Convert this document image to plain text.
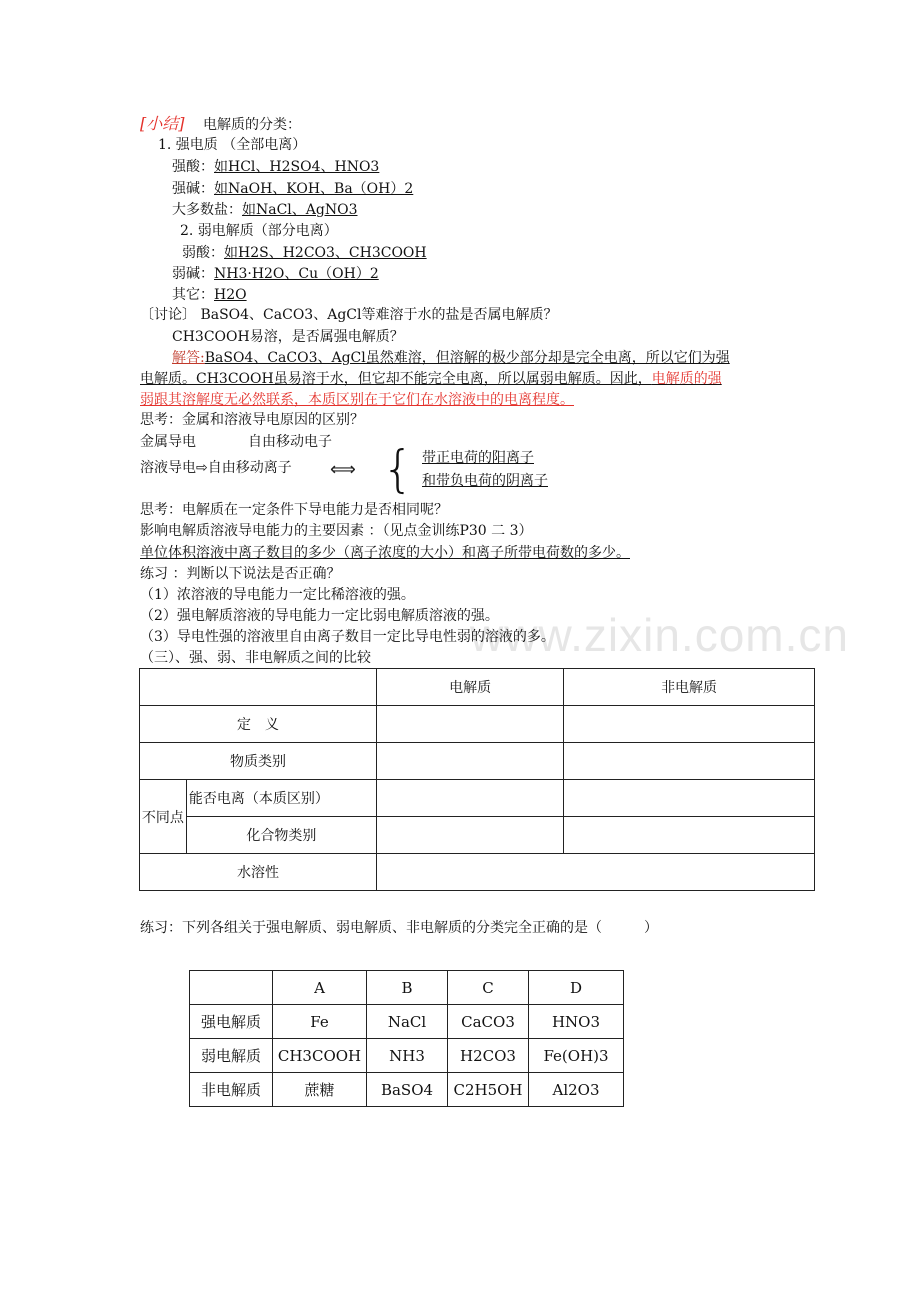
www.zixin.com.cn
[小结] 电解质的分类：
1. 强电质 （全部电离）
强酸：如HCl、H2SO4、HNO3
强碱：如NaOH、KOH、Ba（OH）2
大多数盐：如NaCl、AgNO3
2. 弱电解质（部分电离）
弱酸：如H2S、H2CO3、CH3COOH
弱碱：NH3·H2O、Cu（OH）2
其它：H2O
〔讨论〕 BaSO4、CaCO3、AgCl等难溶于水的盐是否属电解质？
CH3COOH易溶，是否属强电解质？
解答:BaSO4、CaCO3、AgCl虽然难溶，但溶解的极少部分却是完全电离，所以它们为强
电解质。CH3COOH虽易溶于水，但它却不能完全电离，所以属弱电解质。因此，电解质的强
弱跟其溶解度无必然联系，本质区别在于它们在水溶液中的电离程度。
思考：金属和溶液导电原因的区别？
金属导电	自由移动电子
溶液导电⇨自由移动离子 ⟺ { 带正电荷的阳离子
和带负电荷的阴离子
思考：电解质在一定条件下导电能力是否相同呢？
影响电解质溶液导电能力的主要因素 ：（见点金训练P30 二 3）
单位体积溶液中离子数目的多少（离子浓度的大小）和离子所带电荷数的多少。
练习 ：判断以下说法是否正确？
（1）浓溶液的导电能力一定比稀溶液的强。
（2）强电解质溶液的导电能力一定比弱电解质溶液的强。
（3）导电性强的溶液里自由离子数目一定比导电性弱的溶液的多。
（三）、强、弱、非电解质之间的比较
		电解质	非电解质
定　义			
物质类别			
不同点	能否电离（本质区别）		
	化合物类别		
水溶性			
练习：下列各组关于强电解质、弱电解质、非电解质的分类完全正确的是（　　　）
	A	B	C	D
强电解质	Fe	NaCl	CaCO3	HNO3
弱电解质	CH3COOH	NH3	H2CO3	Fe(OH)3
非电解质	蔗糖	BaSO4	C2H5OH	Al2O3
